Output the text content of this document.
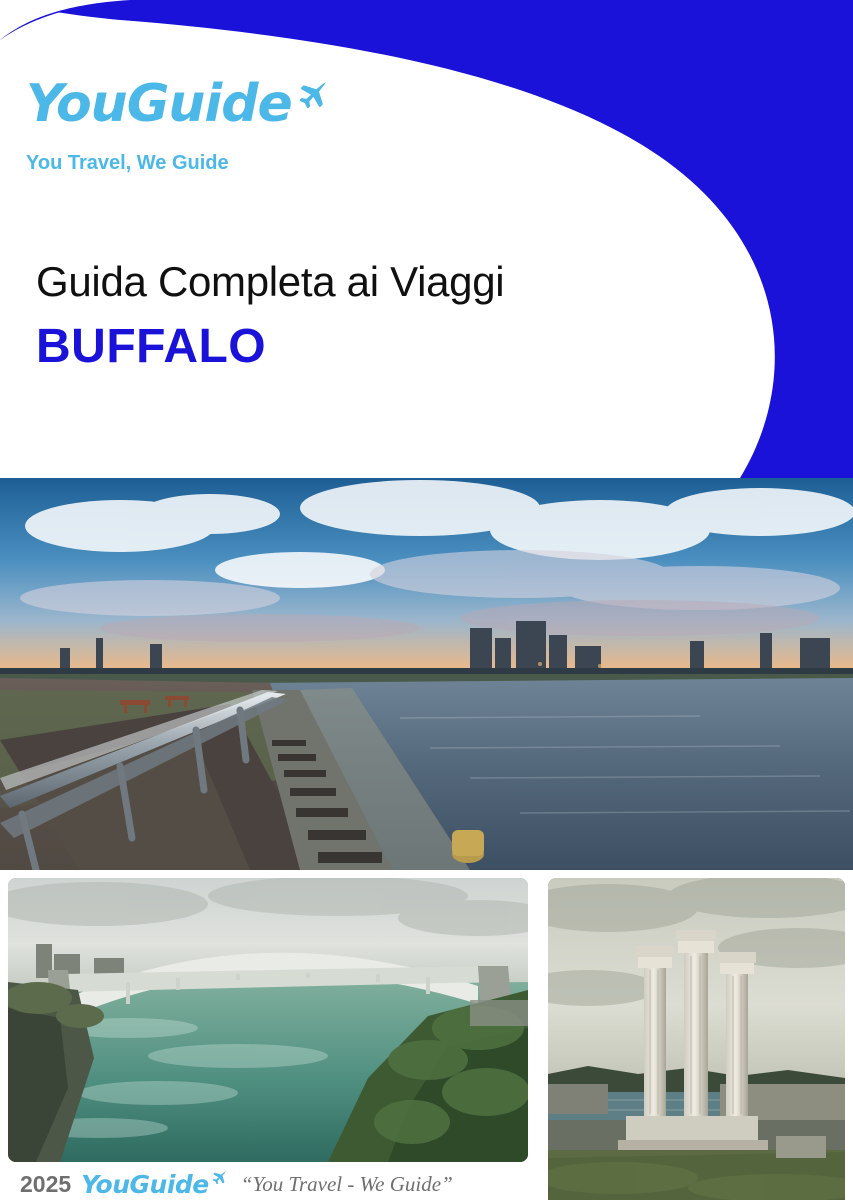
YouGuide
You Travel, We Guide
Guida Completa ai Viaggi
BUFFALO
2025 YouGuide “You Travel - We Guide”
